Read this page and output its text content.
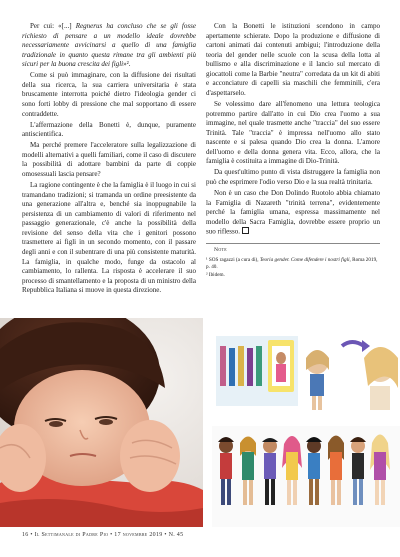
Per cui: «[...] Regnerus ha concluso che se gli fosse richiesto di pensare a un modello ideale dovrebbe necessariamente avvicinarsi a quello di una famiglia tradizionale in quanto questa rimane tra gli ambienti più sicuri per la buona crescita dei figli»².

Come si può immaginare, con la diffusione dei risultati della sua ricerca, la sua carriera universitaria è stata bruscamente interrotta poiché dietro l'ideologia gender ci sono forti lobby di pressione che mal sopportano di essere contraddette.

L'affermazione della Bonetti è, dunque, puramente antiscientifica.

Ma perché premere l'acceleratore sulla legalizzazione di modelli alternativi a quelli familiari, come il caso di discutere la possibilità di adottare bambini da parte di coppie omosessuali lascia pensare?

La ragione contingente è che la famiglia è il luogo in cui si tramandano tradizioni; si tramanda un ordine preesistente da una generazione all'altra e, benché sia inoppugnabile la persistenza di un cambiamento di valori di riferimento nel passaggio generazionale, c'è anche la possibilità della revisione del senso della vita che i genitori possono trasmettere ai figli in un secondo momento, con il passare degli anni e con il subentrare di una più consistente maturità. La famiglia, in qualche modo, funge da ostacolo al cambiamento, lo rallenta. La risposta è accelerare il suo processo di smantellamento e la proposta di un ministro della Repubblica Italiana si muove in questa direzione.

Con la Bonetti le istituzioni scendono in campo apertamente schierate. Dopo la produzione e diffusione di cartoni animati dai contenuti ambigui; l'introduzione della teoria del gender nelle scuole con la scusa della lotta al bullismo e alla discriminazione e il lancio sul mercato di giocattoli come la Barbie "neutra" corredata da un kit di abiti e acconciature di capelli sia maschili che femminili, c'era d'aspettarselo.

Se volessimo dare all'fenomeno una lettura teologica potremmo partire dall'atto in cui Dio crea l'uomo a sua immagine, nel quale trasmette anche "traccia" del suo essere Trinità. Tale "traccia" è impressa nell'uomo allo stato nascente e si palesa quando Dio crea la donna. L'amore dell'uomo e della donna genera vita. Ecco, allora, che la famiglia è costituita a immagine di Dio-Trinità.

Da quest'ultimo punto di vista distruggere la famiglia non può che esprimere l'odio verso Dio e la sua realtà trinitaria.

Non è un caso che Don Dolindo Ruotolo abbia chiamato la Famiglia di Nazareth "trinità terrena", evidentemente perché la famiglia umana, espressa massimamente nel modello della Sacra Famiglia, dovrebbe essere proprio un suo riflesso.

Note

¹ SOS ragazzi (a cura di), Teoria gender. Come difendere i nostri figli, Roma 2019, p. 40.

² Ibidem.

16 • Il Settimanale di Padre Pio • 17 novembre 2019 • N. 45
